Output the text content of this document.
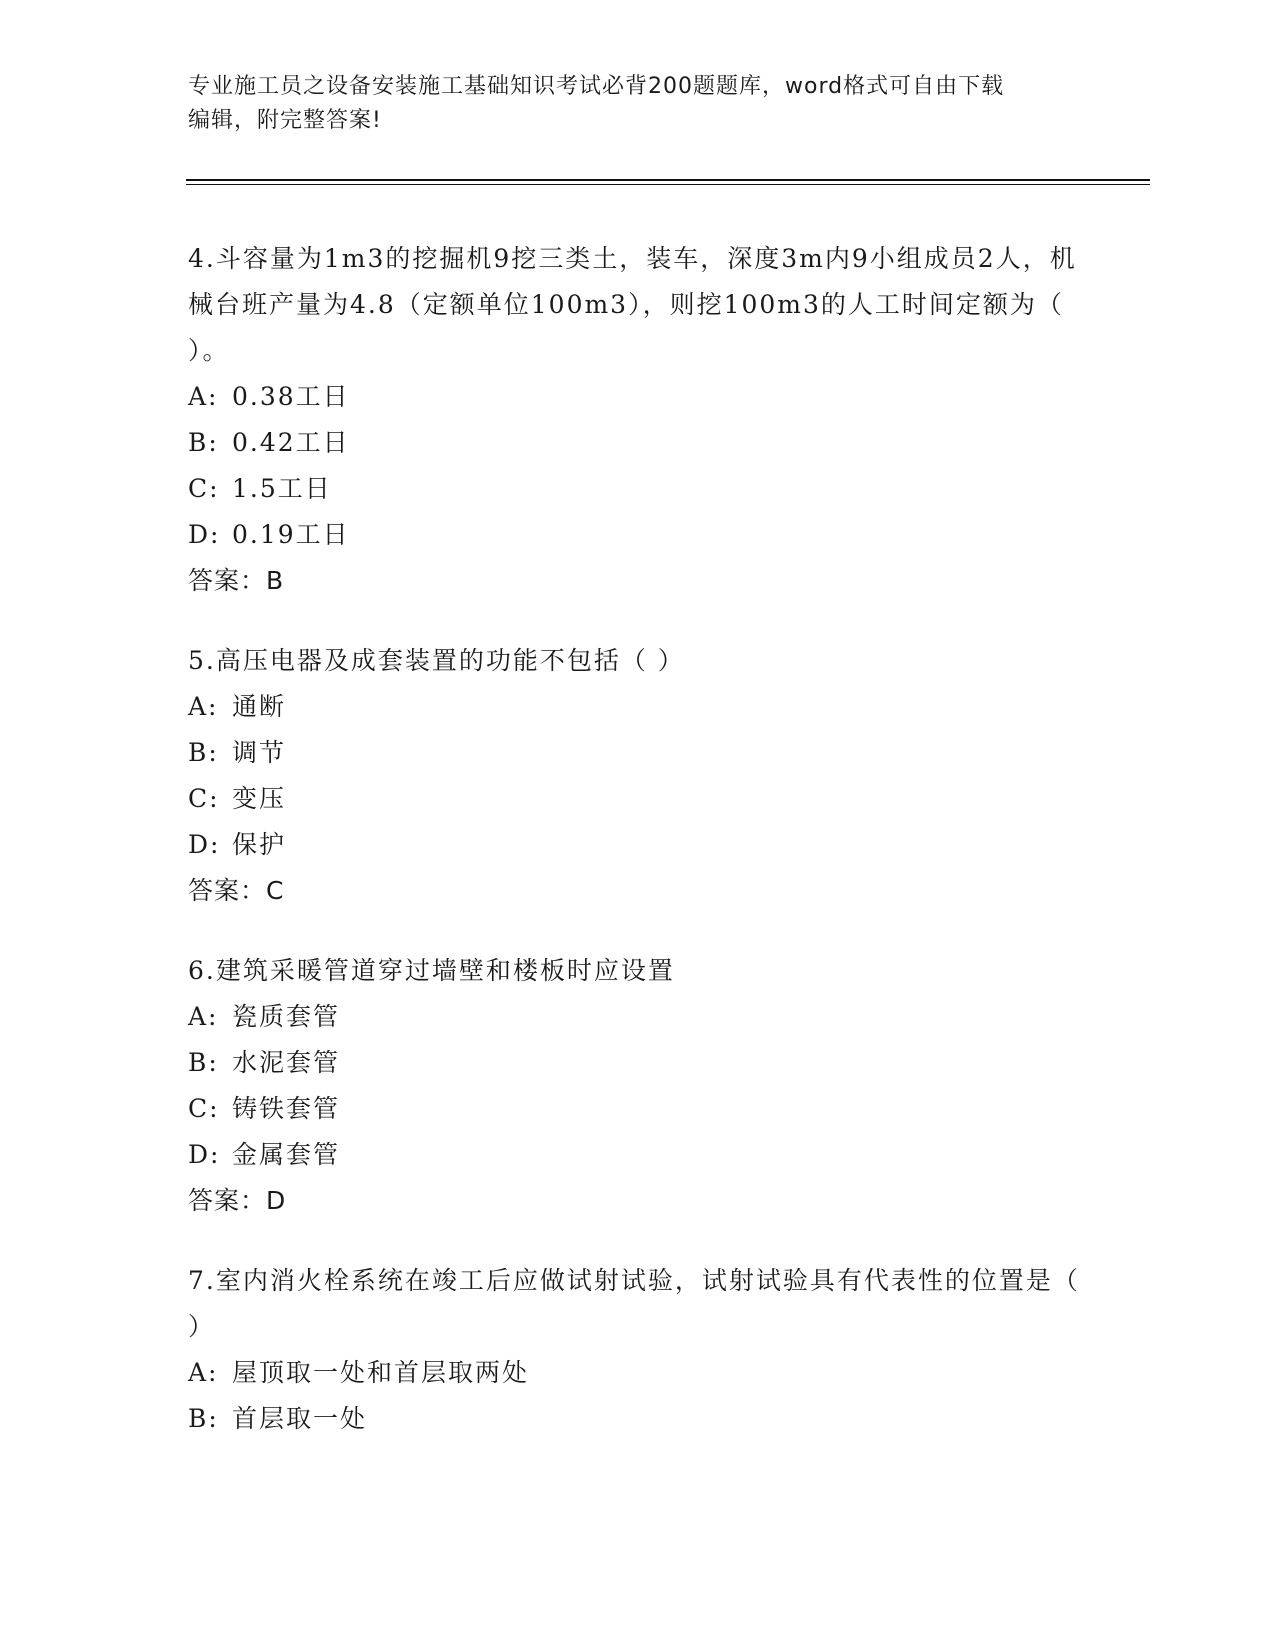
专业施工员之设备安装施工基础知识考试必背200题题库，word格式可自由下载
编辑，附完整答案!

4.斗容量为1m3的挖掘机9挖三类土，装车，深度3m内9小组成员2人，机械台班产量为4.8（定额单位100m3），则挖100m3的人工时间定额为（ ）。

A: 0.38工日
B: 0.42工日
C: 1.5工日
D: 0.19工日
答案：B

5.高压电器及成套装置的功能不包括（ ）

A: 通断
B: 调节
C: 变压
D: 保护
答案：C

6.建筑采暖管道穿过墙壁和楼板时应设置

A: 瓷质套管
B: 水泥套管
C: 铸铁套管
D: 金属套管
答案：D

7.室内消火栓系统在竣工后应做试射试验，试射试验具有代表性的位置是（ ）

A: 屋顶取一处和首层取两处
B: 首层取一处
